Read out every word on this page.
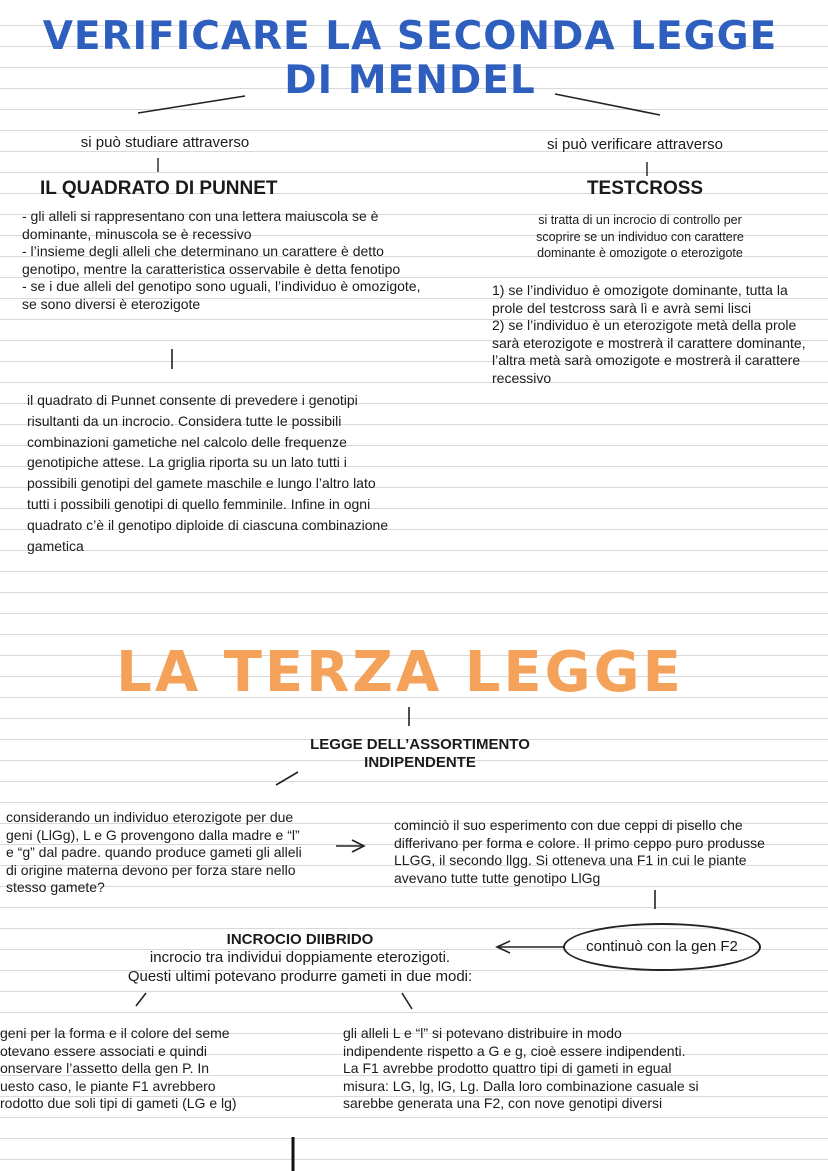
VERIFICARE LA SECONDA LEGGE
DI MENDEL
si può studiare attraverso
IL QUADRATO DI PUNNET
- gli alleli si rappresentano con una lettera maiuscola se è dominante, minuscola se è recessivo
- l’insieme degli alleli che determinano un carattere è detto genotipo, mentre la caratteristica osservabile è detta fenotipo
- se i due alleli del genotipo sono uguali, l’individuo è omozigote, se sono diversi è eterozigote
il quadrato di Punnet consente di prevedere i genotipi risultanti da un incrocio. Considera tutte le possibili combinazioni gametiche nel calcolo delle frequenze genotipiche attese. La griglia riporta su un lato tutti i possibili genotipi del gamete maschile e lungo l’altro lato tutti i possibili genotipi di quello femminile. Infine in ogni quadrato c’è il genotipo diploide di ciascuna combinazione gametica
si può verificare attraverso
TESTCROSS
si tratta di un incrocio di controllo per scoprire se un individuo con carattere dominante è omozigote o eterozigote
1) se l’individuo è omozigote dominante, tutta la prole del testcross sarà lì e avrà semi lisci
2) se l’individuo è un eterozigote metà della prole sarà eterozigote e mostrerà il carattere dominante, l’altra metà sarà omozigote e mostrerà il carattere recessivo
LA TERZA LEGGE
LEGGE DELL’ASSORTIMENTO
INDIPENDENTE
considerando un individuo eterozigote per due geni (LlGg), L e G provengono dalla madre e “l” e “g” dal padre. quando produce gameti gli alleli di origine materna devono per forza stare nello stesso gamete?
cominciò il suo esperimento con due ceppi di pisello che differivano per forma e colore. Il primo ceppo puro produsse LLGG, il secondo llgg. Si otteneva una F1 in cui le piante avevano tutte tutte genotipo LlGg
continuò con la gen F2
INCROCIO DIIBRIDO
incrocio tra individui doppiamente eterozigoti.
Questi ultimi potevano produrre gameti in due modi:
geni per la forma e il colore del seme
otevano essere associati e quindi
onservare l’assetto della gen P. In
uesto caso, le piante F1 avrebbero
rodotto due soli tipi di gameti (LG e lg)
gli alleli L e “l” si potevano distribuire in modo indipendente rispetto a G e g, cioè essere indipendenti. La F1 avrebbe prodotto quattro tipi di gameti in egual misura: LG, lg, lG, Lg. Dalla loro combinazione casuale si sarebbe generata una F2, con nove genotipi diversi
